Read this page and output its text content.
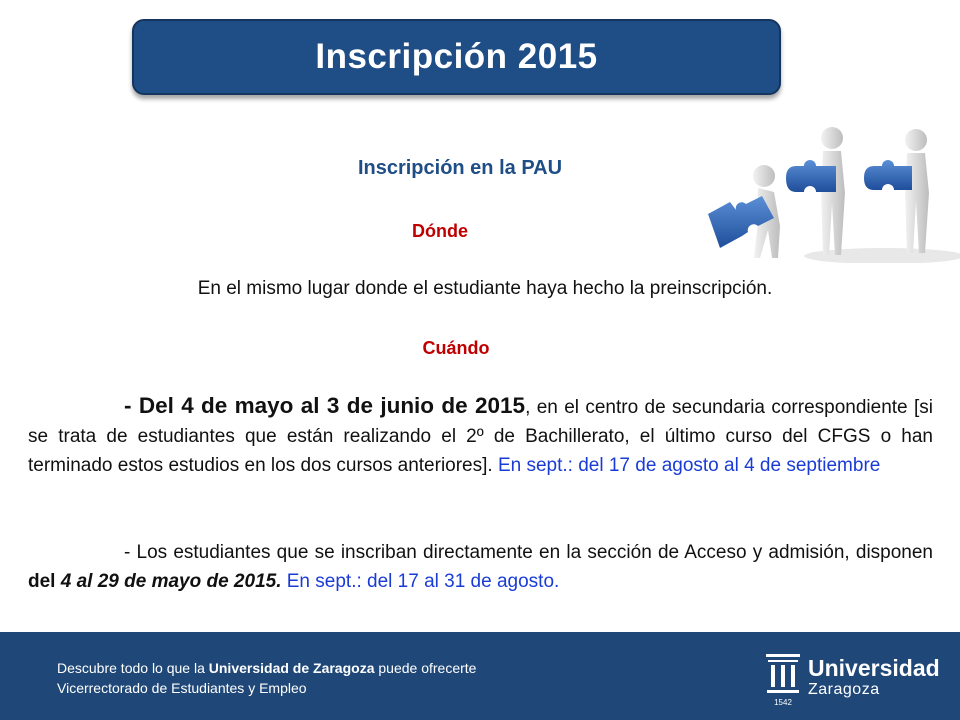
Inscripción 2015
Inscripción en la PAU
Dónde
En el mismo lugar donde el estudiante haya hecho la preinscripción.
Cuándo
- Del 4 de mayo al 3 de junio de 2015, en el centro de secundaria correspondiente [si se trata de estudiantes que están realizando el 2º de Bachillerato, el último curso del CFGS o han terminado estos estudios en los dos cursos anteriores]. En sept.: del 17 de agosto al 4 de septiembre
- Los estudiantes que se inscriban directamente en la sección de Acceso y admisión, disponen del 4 al 29 de mayo de 2015. En sept.: del 17 al 31 de agosto.
Descubre todo lo que la Universidad de Zaragoza puede ofrecerte
Vicerrectorado de Estudiantes y Empleo
1542
Universidad
Zaragoza
